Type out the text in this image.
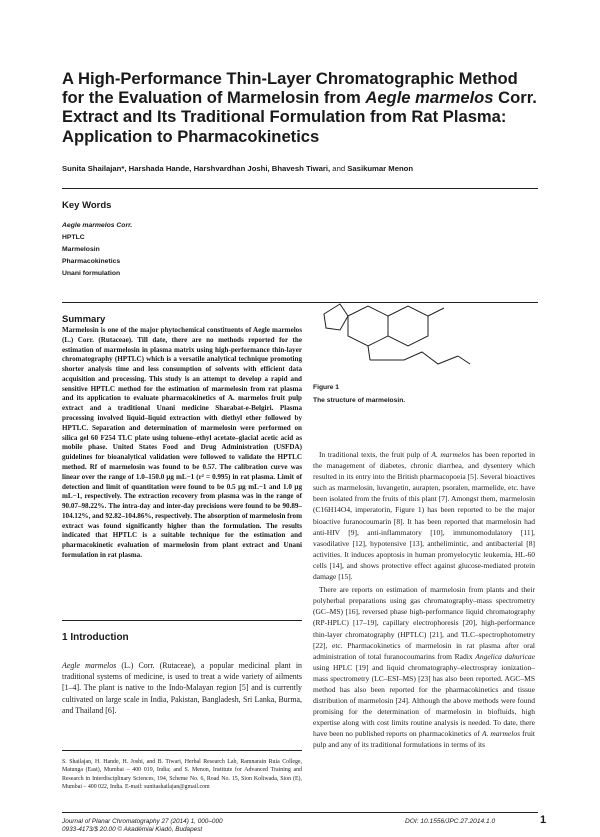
A High-Performance Thin-Layer Chromatographic Method for the Evaluation of Marmelosin from Aegle marmelos Corr. Extract and Its Traditional Formulation from Rat Plasma: Application to Pharmacokinetics

Sunita Shailajan*, Harshada Hande, Harshvardhan Joshi, Bhavesh Tiwari, and Sasikumar Menon

Key Words
Aegle marmelos Corr.
HPTLC
Marmelosin
Pharmacokinetics
Unani formulation
Summary

Marmelosin is one of the major phytochemical constituents of Aegle marmelos (L.) Corr. (Rutaceae). Till date, there are no methods reported for the estimation of marmelosin in plasma matrix using high-performance thin-layer chromatography (HPTLC) which is a versatile analytical technique promoting shorter analysis time and less consumption of solvents with efficient data acquisition and processing. This study is an attempt to develop a rapid and sensitive HPTLC method for the estimation of marmelosin from rat plasma and its application to evaluate pharmacokinetics of A. marmelos fruit pulp extract and a traditional Unani medicine Sharabat-e-Belgiri. Plasma processing involved liquid–liquid extraction with diethyl ether followed by HPTLC. Separation and determination of marmelosin were performed on silica gel 60 F254 TLC plate using toluene–ethyl acetate–glacial acetic acid as mobile phase. United States Food and Drug Administration (USFDA) guidelines for bioanalytical validation were followed to validate the HPTLC method. Rf of marmelosin was found to be 0.57. The calibration curve was linear over the range of 1.0–150.0 μg mL−1 (r² = 0.995) in rat plasma. Limit of detection and limit of quantitation were found to be 0.5 μg mL−1 and 1.0 μg mL−1, respectively. The extraction recovery from plasma was in the range of 90.07–98.22%. The intra-day and inter-day precisions were found to be 90.89–104.12%, and 92.82–104.86%, respectively. The absorption of marmelosin from extract was found significantly higher than the formulation. The results indicated that HPTLC is a suitable technique for the estimation and pharmacokinetic evaluation of marmelosin from plant extract and Unani formulation in rat plasma.

1 Introduction

Aegle marmelos (L.) Corr. (Rutaceae), a popular medicinal plant in traditional systems of medicine, is used to treat a wide variety of ailments [1–4]. The plant is native to the Indo-Malayan region [5] and is currently cultivated on large scale in India, Pakistan, Bangladesh, Sri Lanka, Burma, and Thailand [6].

S. Shailajan, H. Hande, H. Joshi, and B. Tiwari, Herbal Research Lab, Ramnarain Ruia College, Matunga (East), Mumbai – 400 019, India; and S. Menon, Institute for Advanced Training and Research in Interdisciplinary Sciences, 194, Scheme No. 6, Road No. 15, Sion Koliwada, Sion (E), Mumbai – 400 022, India. E-mail: sunitashailajan@gmail.com

Journal of Planar Chromatography 27 (2014) 1, 000–000
0933-4173/$ 20.00 © Akadémiai Kiadó, Budapest

DOI: 10.1556/JPC.27.2014.1.0	1

Figure 1

The structure of marmelosin.

In traditional texts, the fruit pulp of A. marmelos has been reported in the management of diabetes, chronic diarrhea, and dysentery which resulted in its entry into the British pharmacopoeia [5]. Several bioactives such as marmelosin, luvangetin, aurapten, psoralen, marmelide, etc. have been isolated from the fruits of this plant [7]. Amongst them, marmelosin (C16H14O4, imperatorin, Figure 1) has been reported to be the major bioactive furanocoumarin [8]. It has been reported that marmelosin had anti-HIV [9], anti-inflammatory [10], immunomodulatory [11], vasodilative [12], hypotensive [13], anthelimintic, and antibacterial [8] activities. It induces apoptosis in human promyelocytic leukemia, HL-60 cells [14], and shows protective effect against glucose-mediated protein damage [15].

There are reports on estimation of marmelosin from plants and their polyherbal preparations using gas chromatography–mass spectrometry (GC–MS) [16], reversed phase high-performance liquid chromatography (RP-HPLC) [17–19], capillary electrophoresis [20], high-performance thin-layer chromatography (HPTLC) [21], and TLC–spectrophotometry [22], etc. Pharmacokinetics of marmelosin in rat plasma after oral administration of total furanocoumarins from Radix Angelica dahuricae using HPLC [19] and liquid chromatography–electrospray ionization–mass spectrometry (LC–ESI–MS) [23] has also been reported. AGC–MS method has also been reported for the pharmacokinetics and tissue distribution of marmelosin [24]. Although the above methods were found promising for the determination of marmelosin in biofluids, high expertise along with cost limits routine analysis is needed. To date, there have been no published reports on pharmacokinetics of A. marmelos fruit pulp and any of its traditional formulations in terms of its
